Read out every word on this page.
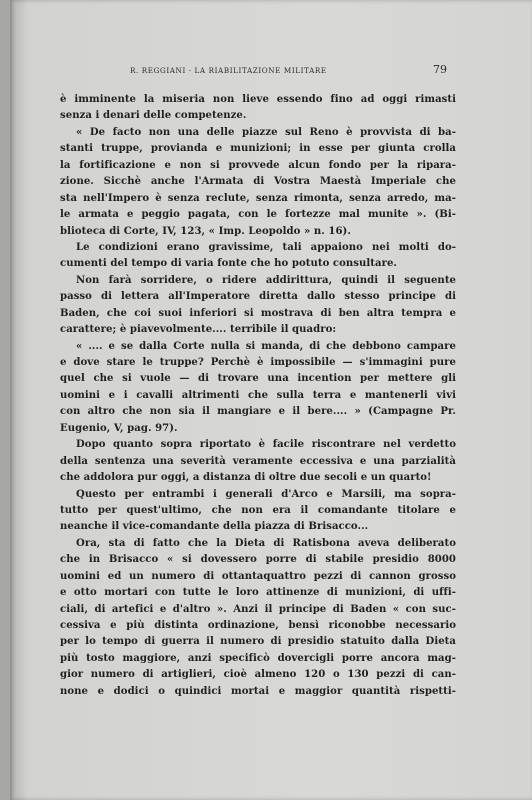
R. REGGIANI · LA RIABILITAZIONE MILITARE	79
è imminente la miseria non lieve essendo fino ad oggi rimasti
senza i denari delle competenze.
« De facto non una delle piazze sul Reno è provvista di ba-
stanti truppe, provianda e munizioni; in esse per giunta crolla
la fortificazione e non si provvede alcun fondo per la ripara-
zione. Sicchè anche l'Armata di Vostra Maestà Imperiale che
sta nell'Impero è senza reclute, senza rimonta, senza arredo, ma-
le armata e peggio pagata, con le fortezze mal munite ». (Bi-
blioteca di Corte, IV, 123, « Imp. Leopoldo » n. 16).
Le condizioni erano gravissime, tali appaiono nei molti do-
cumenti del tempo di varia fonte che ho potuto consultare.
Non farà sorridere, o ridere addirittura, quindi il seguente
passo di lettera all'Imperatore diretta dallo stesso principe di
Baden, che coi suoi inferiori si mostrava di ben altra tempra e
carattere; è piavevolmente.... terribile il quadro:
« .... e se dalla Corte nulla si manda, di che debbono campare
e dove stare le truppe? Perchè è impossibile — s'immagini pure
quel che si vuole — di trovare una incention per mettere gli
uomini e i cavalli altrimenti che sulla terra e mantenerli vivi
con altro che non sia il mangiare e il bere.... » (Campagne Pr.
Eugenio, V, pag. 97).
Dopo quanto sopra riportato è facile riscontrare nel verdetto
della sentenza una severità veramente eccessiva e una parzialità
che addolora pur oggi, a distanza di oltre due secoli e un quarto!
Questo per entrambi i generali d'Arco e Marsili, ma sopra-
tutto per quest'ultimo, che non era il comandante titolare e
neanche il vice-comandante della piazza di Brisacco...
Ora, sta di fatto che la Dieta di Ratisbona aveva deliberato
che in Brisacco « si dovessero porre di stabile presidio 8000
uomini ed un numero di ottantaquattro pezzi di cannon grosso
e otto mortari con tutte le loro attinenze di munizioni, di uffi-
ciali, di artefici e d'altro ». Anzi il principe di Baden « con suc-
cessiva e più distinta ordinazione, bensì riconobbe necessario
per lo tempo di guerra il numero di presidio statuito dalla Dieta
più tosto maggiore, anzi specificò dovercigli porre ancora mag-
gior numero di artiglieri, cioè almeno 120 o 130 pezzi di can-
none e dodici o quindici mortai e maggior quantità rispetti-
